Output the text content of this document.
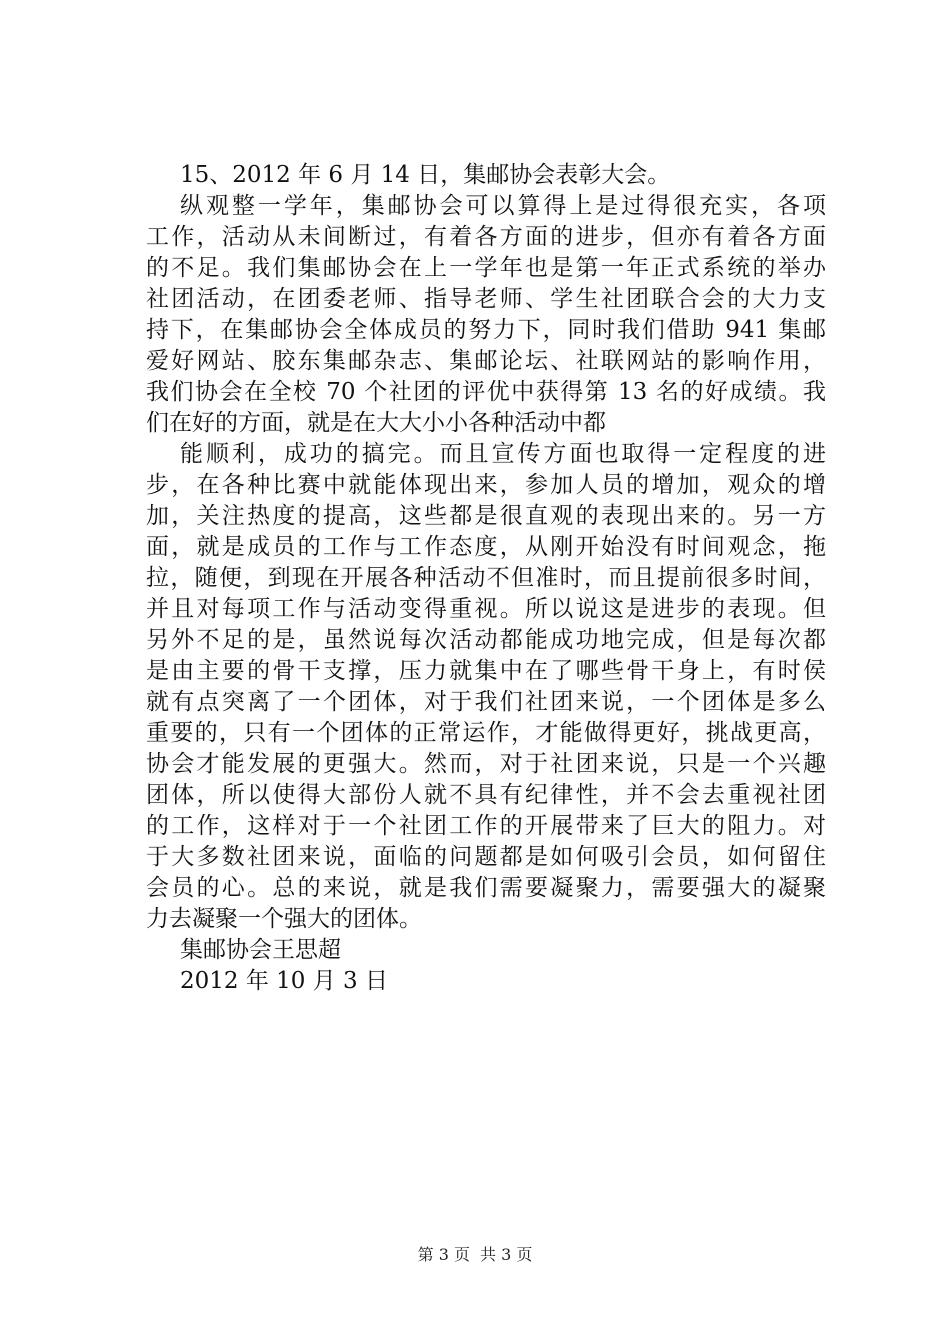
15、2012 年 6 月 14 日，集邮协会表彰大会。
纵观整一学年，集邮协会可以算得上是过得很充实，各项
工作，活动从未间断过，有着各方面的进步，但亦有着各方面
的不足。我们集邮协会在上一学年也是第一年正式系统的举办
社团活动，在团委老师、指导老师、学生社团联合会的大力支
持下，在集邮协会全体成员的努力下，同时我们借助 941 集邮
爱好网站、胶东集邮杂志、集邮论坛、社联网站的影响作用，
我们协会在全校 70 个社团的评优中获得第 13 名的好成绩。我
们在好的方面，就是在大大小小各种活动中都
能顺利，成功的搞完。而且宣传方面也取得一定程度的进
步，在各种比赛中就能体现出来，参加人员的增加，观众的增
加，关注热度的提高，这些都是很直观的表现出来的。另一方
面，就是成员的工作与工作态度，从刚开始没有时间观念，拖
拉，随便，到现在开展各种活动不但准时，而且提前很多时间，
并且对每项工作与活动变得重视。所以说这是进步的表现。但
另外不足的是，虽然说每次活动都能成功地完成，但是每次都
是由主要的骨干支撑，压力就集中在了哪些骨干身上，有时侯
就有点突离了一个团体，对于我们社团来说，一个团体是多么
重要的，只有一个团体的正常运作，才能做得更好，挑战更高，
协会才能发展的更强大。然而，对于社团来说，只是一个兴趣
团体，所以使得大部份人就不具有纪律性，并不会去重视社团
的工作，这样对于一个社团工作的开展带来了巨大的阻力。对
于大多数社团来说，面临的问题都是如何吸引会员，如何留住
会员的心。总的来说，就是我们需要凝聚力，需要强大的凝聚
力去凝聚一个强大的团体。
集邮协会王思超
2012 年 10 月 3 日
第 3 页 共 3 页
